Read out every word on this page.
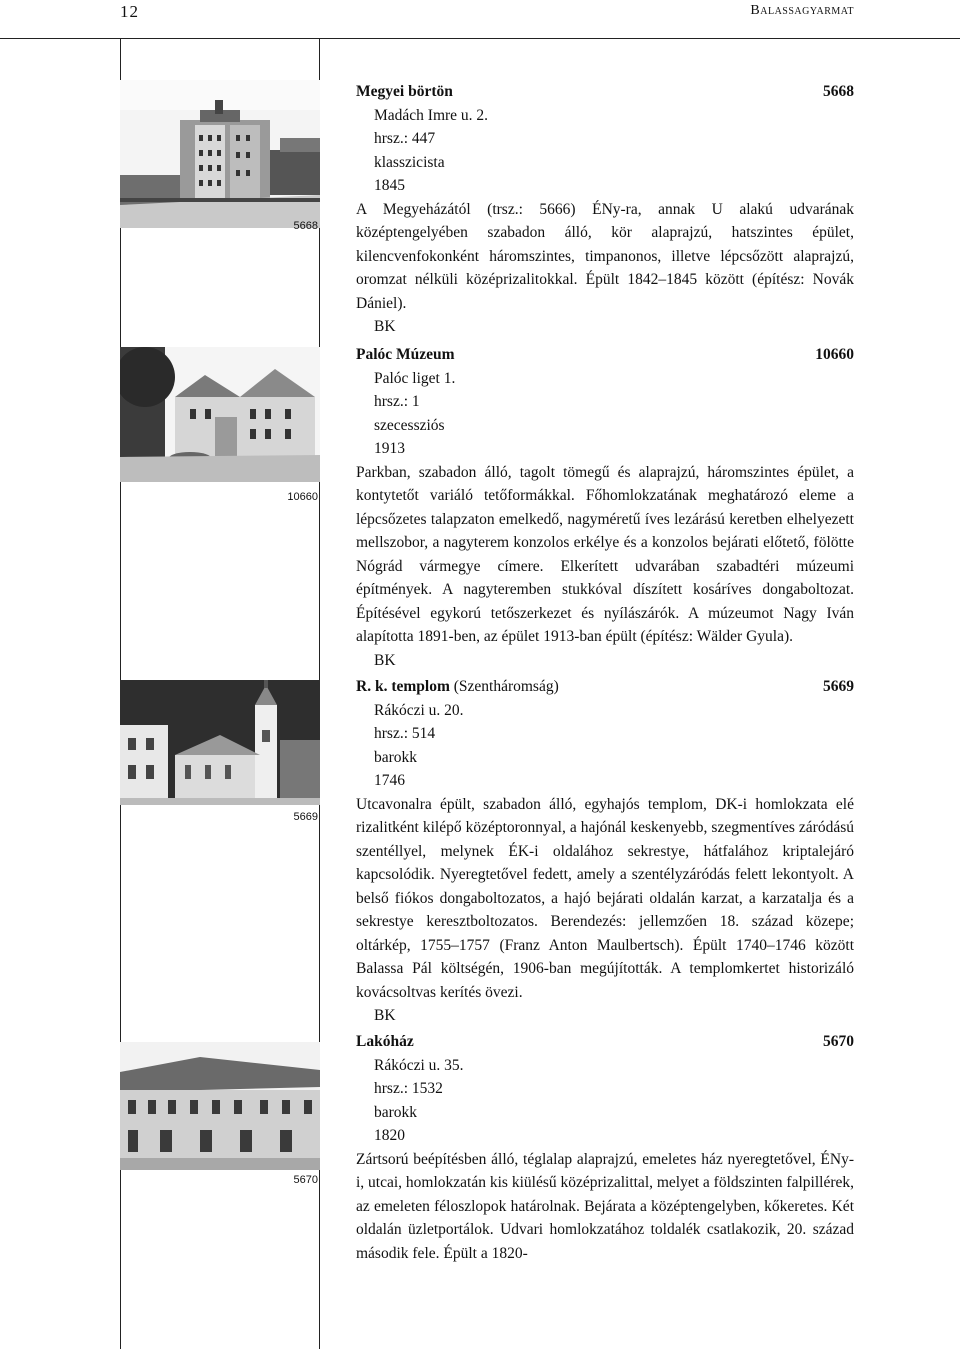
12	Balassagyarmat
5668
10660
5669
5670
Megyei börtön	5668
Madách Imre u. 2.
hrsz.: 447
klasszicista
1845
A Megyeházától (trsz.: 5666) ÉNy-ra, annak U alakú udvarának középtengelyében szabadon álló, kör alaprajzú, hatszintes épület, kilencvenfokonként háromszintes, timpanonos, illetve lépcsőzött alaprajzú, oromzat nélküli középrizalitokkal. Épült 1842–1845 között (építész: Novák Dániel).
BK
Palóc Múzeum	10660
Palóc liget 1.
hrsz.: 1
szecessziós
1913
Parkban, szabadon álló, tagolt tömegű és alaprajzú, háromszintes épület, a kontytetőt variáló tetőformákkal. Főhomlokzatának meghatározó eleme a lépcsőzetes talapzaton emelkedő, nagyméretű íves lezárású keretben elhelyezett mellszobor, a nagyterem konzolos erkélye és a konzolos bejárati előtető, fölötte Nógrád vármegye címere. Elkerített udvarában szabadtéri múzeumi építmények. A nagyteremben stukkóval díszített kosáríves dongaboltozat. Építésével egykorú tetőszerkezet és nyílászárók. A múzeumot Nagy Iván alapította 1891-ben, az épület 1913-ban épült (építész: Wälder Gyula).
BK
R. k. templom (Szentháromság)	5669
Rákóczi u. 20.
hrsz.: 514
barokk
1746
Utcavonalra épült, szabadon álló, egyhajós templom, DK-i homlokzata elé rizalitként kilépő középtoronnyal, a hajónál keskenyebb, szegmentíves záródású szentéllyel, melynek ÉK-i oldalához sekrestye, hátfalához kriptalejáró kapcsolódik. Nyeregtetővel fedett, amely a szentélyzáródás felett lekontyolt. A belső fiókos dongaboltozatos, a hajó bejárati oldalán karzat, a karzatalja és a sekrestye keresztboltozatos. Berendezés: jellemzően 18. század közepe; oltárkép, 1755–1757 (Franz Anton Maulbertsch). Épült 1740–1746 között Balassa Pál költségén, 1906-ban megújították. A templomkertet historizáló kovácsoltvas kerítés övezi.
BK
Lakóház	5670
Rákóczi u. 35.
hrsz.: 1532
barokk
1820
Zártsorú beépítésben álló, téglalap alaprajzú, emeletes ház nyeregtetővel, ÉNy-i, utcai, homlokzatán kis kiülésű középrizalittal, melyet a földszinten falpillérek, az emeleten féloszlopok határolnak. Bejárata a középtengelyben, kőkeretes. Két oldalán üzletportálok. Udvari homlokzatához toldalék csatlakozik, 20. század második fele. Épült a 1820-
